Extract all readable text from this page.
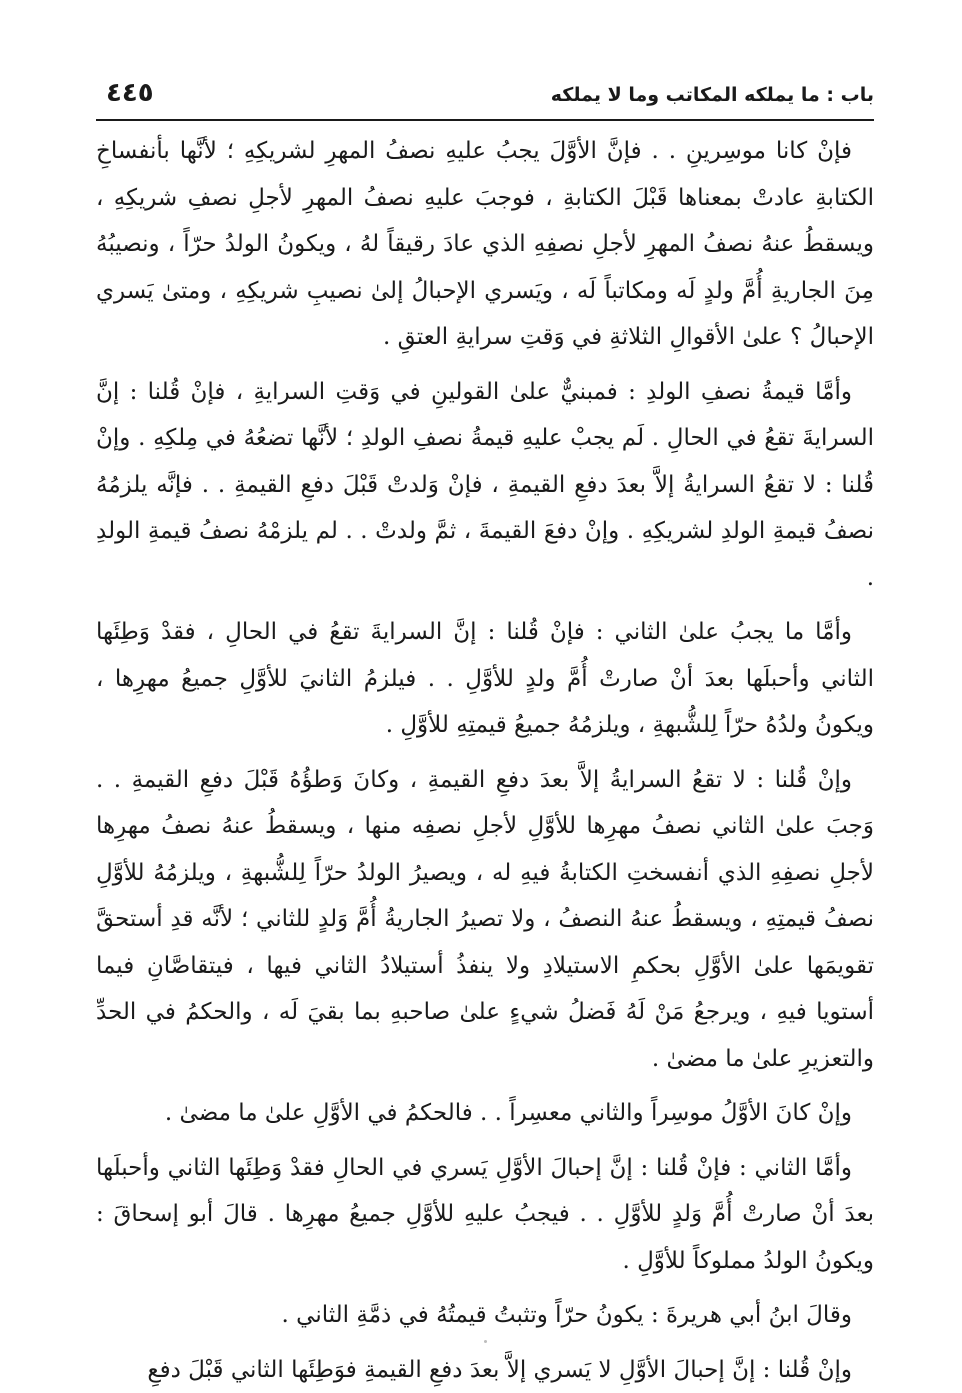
باب : ما يملكه المكاتب وما لا يملكه
٤٤٥

فإنْ كانا موسِرينِ . . فإنَّ الأوَّلَ يجبُ عليهِ نصفُ المهرِ لشريكِهِ ؛ لأنَّها بأنفساخِ الكتابةِ عادتْ بمعناها قَبْلَ الكتابةِ ، فوجبَ عليهِ نصفُ المهرِ لأجلِ نصفِ شريكِهِ ، ويسقطُ عنهُ نصفُ المهرِ لأجلِ نصفِهِ الذي عادَ رقيقاً لهُ ، ويكونُ الولدُ حرّاً ، ونصيبُهُ مِنَ الجاريةِ أُمَّ ولدٍ لَه ومكاتباً لَه ، ويَسري الإحبالُ إلىٰ نصيبِ شريكِهِ ، ومتىٰ يَسري الإحبالُ ؟ علىٰ الأقوالِ الثلاثةِ في وَقتِ سرايةِ العتقِ .

وأمَّا قيمةُ نصفِ الولدِ : فمبنيٌّ علىٰ القولينِ في وَقتِ السرايةِ ، فإنْ قُلنا : إنَّ السرايةَ تقعُ في الحالِ . لَم يجبْ عليهِ قيمةُ نصفِ الولدِ ؛ لأنَّها تضعُهُ في مِلكِهِ . وإنْ قُلنا : لا تقعُ السرايةُ إلاَّ بعدَ دفعِ القيمةِ ، فإنْ وَلدتْ قَبْلَ دفعِ القيمةِ . . فإنَّه يلزمُهُ نصفُ قيمةِ الولدِ لشريكِهِ . وإنْ دفعَ القيمةَ ، ثمَّ ولدتْ . . لم يلزمْهُ نصفُ قيمةِ الولدِ .

وأمَّا ما يجبُ علىٰ الثاني : فإنْ قُلنا : إنَّ السرايةَ تقعُ في الحالِ ، فقدْ وَطِئَها الثاني وأحبلَها بعدَ أنْ صارتْ أُمَّ ولدٍ للأوَّلِ . . فيلزمُ الثانيَ للأوَّلِ جميعُ مهرِها ، ويكونُ ولدُهُ حرّاً لِلشُّبهةِ ، ويلزمُهُ جميعُ قيمتِهِ للأوَّلِ .

وإنْ قُلنا : لا تقعُ السرايةُ إلاَّ بعدَ دفعِ القيمةِ ، وكانَ وَطؤُهُ قَبْلَ دفعِ القيمةِ . . وَجبَ علىٰ الثاني نصفُ مهرِها للأوَّلِ لأجلِ نصفِه منها ، ويسقطُ عنهُ نصفُ مهرِها لأجلِ نصفِهِ الذي أنفسختِ الكتابةُ فيهِ له ، ويصيرُ الولدُ حرّاً لِلشُّبهةِ ، ويلزمُهُ للأوَّلِ نصفُ قيمتِهِ ، ويسقطُ عنهُ النصفُ ، ولا تصيرُ الجاريةُ أُمَّ وَلدٍ للثاني ؛ لأنَّه قدِ أستحقَّ تقويمَها علىٰ الأوَّلِ بحكمِ الاستيلادِ ولا ينفذُ أستيلادُ الثاني فيها ، فيتقاصَّانِ فيما أستويا فيهِ ، ويرجعُ مَنْ لَهُ فَضلُ شيءٍ علىٰ صاحبهِ بما بقيَ لَه ، والحكمُ في الحدِّ والتعزيرِ علىٰ ما مضىٰ .

وإنْ كانَ الأوَّلُ موسِراً والثاني معسِراً . . فالحكمُ في الأوَّلِ علىٰ ما مضىٰ .

وأمَّا الثاني : فإنْ قُلنا : إنَّ إحبالَ الأوَّلِ يَسري في الحالِ فقدْ وَطِئَها الثاني وأحبلَها بعدَ أنْ صارتْ أُمَّ وَلدٍ للأوَّلِ . . فيجبُ عليهِ للأوَّلِ جميعُ مهرِها . قالَ أبو إسحاقَ : ويكونُ الولدُ مملوكاً للأوَّلِ .

وقالَ ابنُ أبي هريرةَ : يكونُ حرّاً وتثبتُ قيمتُهُ في ذمَّةِ الثاني .

وإنْ قُلنا : إنَّ إحبالَ الأوَّلِ لا يَسري إلاَّ بعدَ دفعِ القيمةِ فوَطِئَها الثاني قَبْلَ دفعِ
